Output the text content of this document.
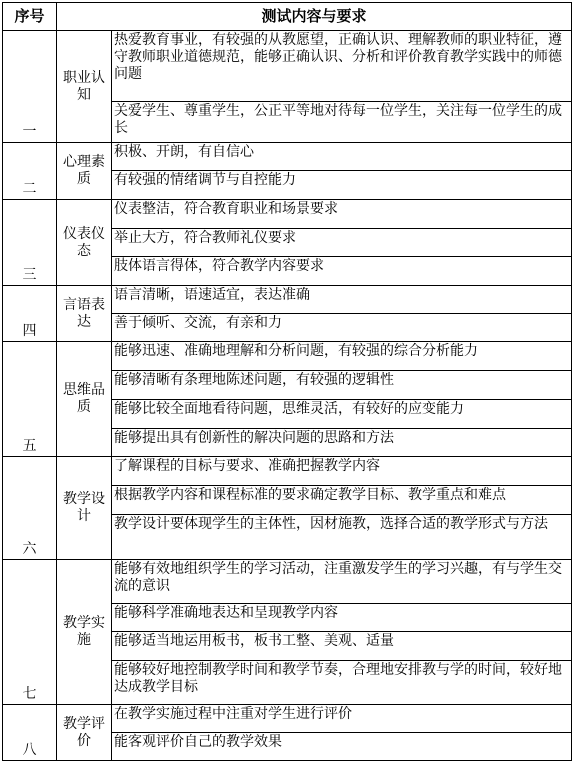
序号	测试内容与要求	
一	职业认知	热爱教育事业，有较强的从教愿望，正确认识、理解教师的职业特征，遵守教师职业道德规范，能够正确认识、分析和评价教育教学实践中的师德问题
		关爱学生、尊重学生，公正平等地对待每一位学生，关注每一位学生的成长
二	心理素质	积极、开朗，有自信心
		有较强的情绪调节与自控能力
三	仪表仪态	仪表整洁，符合教育职业和场景要求
		举止大方，符合教师礼仪要求
		肢体语言得体，符合教学内容要求
四	言语表达	语言清晰，语速适宜，表达准确
		善于倾听、交流，有亲和力
五	思维品质	能够迅速、准确地理解和分析问题，有较强的综合分析能力
		能够清晰有条理地陈述问题，有较强的逻辑性
		能够比较全面地看待问题，思维灵活，有较好的应变能力
		能够提出具有创新性的解决问题的思路和方法
六	教学设计	了解课程的目标与要求、准确把握教学内容
		根据教学内容和课程标准的要求确定教学目标、教学重点和难点
		教学设计要体现学生的主体性，因材施教，选择合适的教学形式与方法
七	教学实施	能够有效地组织学生的学习活动，注重激发学生的学习兴趣，有与学生交流的意识
		能够科学准确地表达和呈现教学内容
		能够适当地运用板书，板书工整、美观、适量
		能够较好地控制教学时间和教学节奏，合理地安排教与学的时间，较好地达成教学目标
八	教学评价	在教学实施过程中注重对学生进行评价
		能客观评价自己的教学效果
